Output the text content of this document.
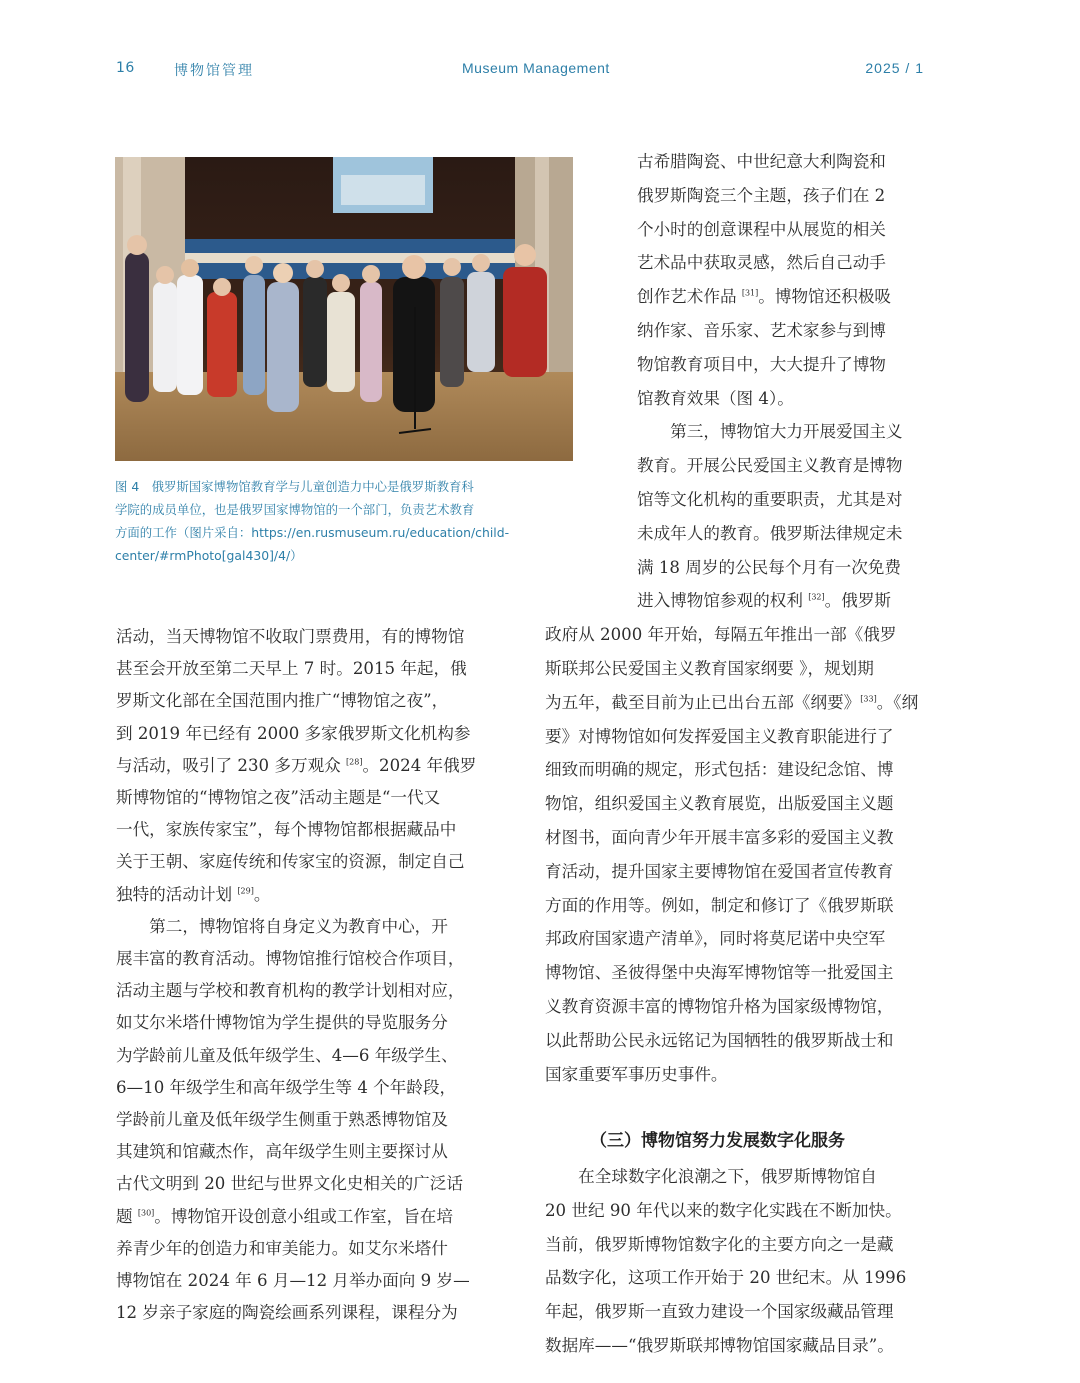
16	博物馆管理	Museum Management	2025 / 1
图 4　俄罗斯国家博物馆教育学与儿童创造力中心是俄罗斯教育科
学院的成员单位，也是俄罗国家博物馆的一个部门，负责艺术教育
方面的工作（图片采自：https://en.rusmuseum.ru/education/child-
center/#rmPhoto[gal430]/4/）
活动，当天博物馆不收取门票费用，有的博物馆
甚至会开放至第二天早上 7 时。2015 年起，俄
罗斯文化部在全国范围内推广“博物馆之夜”，
到 2019 年已经有 2000 多家俄罗斯文化机构参
与活动，吸引了 230 多万观众 [28]。2024 年俄罗
斯博物馆的“博物馆之夜”活动主题是“一代又
一代，家族传家宝”，每个博物馆都根据藏品中
关于王朝、家庭传统和传家宝的资源，制定自己
独特的活动计划 [29]。
　　第二，博物馆将自身定义为教育中心，开
展丰富的教育活动。博物馆推行馆校合作项目，
活动主题与学校和教育机构的教学计划相对应，
如艾尔米塔什博物馆为学生提供的导览服务分
为学龄前儿童及低年级学生、4—6 年级学生、
6—10 年级学生和高年级学生等 4 个年龄段，
学龄前儿童及低年级学生侧重于熟悉博物馆及
其建筑和馆藏杰作，高年级学生则主要探讨从
古代文明到 20 世纪与世界文化史相关的广泛话
题 [30]。博物馆开设创意小组或工作室，旨在培
养青少年的创造力和审美能力。如艾尔米塔什
博物馆在 2024 年 6 月—12 月举办面向 9 岁—
12 岁亲子家庭的陶瓷绘画系列课程，课程分为
古希腊陶瓷、中世纪意大利陶瓷和
俄罗斯陶瓷三个主题，孩子们在 2
个小时的创意课程中从展览的相关
艺术品中获取灵感，然后自己动手
创作艺术作品 [31]。博物馆还积极吸
纳作家、音乐家、艺术家参与到博
物馆教育项目中，大大提升了博物
馆教育效果（图 4）。
　　第三，博物馆大力开展爱国主义
教育。开展公民爱国主义教育是博物
馆等文化机构的重要职责，尤其是对
未成年人的教育。俄罗斯法律规定未
满 18 周岁的公民每个月有一次免费
进入博物馆参观的权利 [32]。俄罗斯
政府从 2000 年开始，每隔五年推出一部《俄罗
斯联邦公民爱国主义教育国家纲要 》，规划期
为五年，截至目前为止已出台五部《纲要》[33]。《纲
要》对博物馆如何发挥爱国主义教育职能进行了
细致而明确的规定，形式包括：建设纪念馆、博
物馆，组织爱国主义教育展览，出版爱国主义题
材图书，面向青少年开展丰富多彩的爱国主义教
育活动，提升国家主要博物馆在爱国者宣传教育
方面的作用等。例如，制定和修订了《俄罗斯联
邦政府国家遗产清单》，同时将莫尼诺中央空军
博物馆、圣彼得堡中央海军博物馆等一批爱国主
义教育资源丰富的博物馆升格为国家级博物馆，
以此帮助公民永远铭记为国牺牲的俄罗斯战士和
国家重要军事历史事件。
（三）博物馆努力发展数字化服务
　　在全球数字化浪潮之下，俄罗斯博物馆自
20 世纪 90 年代以来的数字化实践在不断加快。
当前，俄罗斯博物馆数字化的主要方向之一是藏
品数字化，这项工作开始于 20 世纪末。从 1996
年起，俄罗斯一直致力建设一个国家级藏品管理
数据库——“俄罗斯联邦博物馆国家藏品目录”。
